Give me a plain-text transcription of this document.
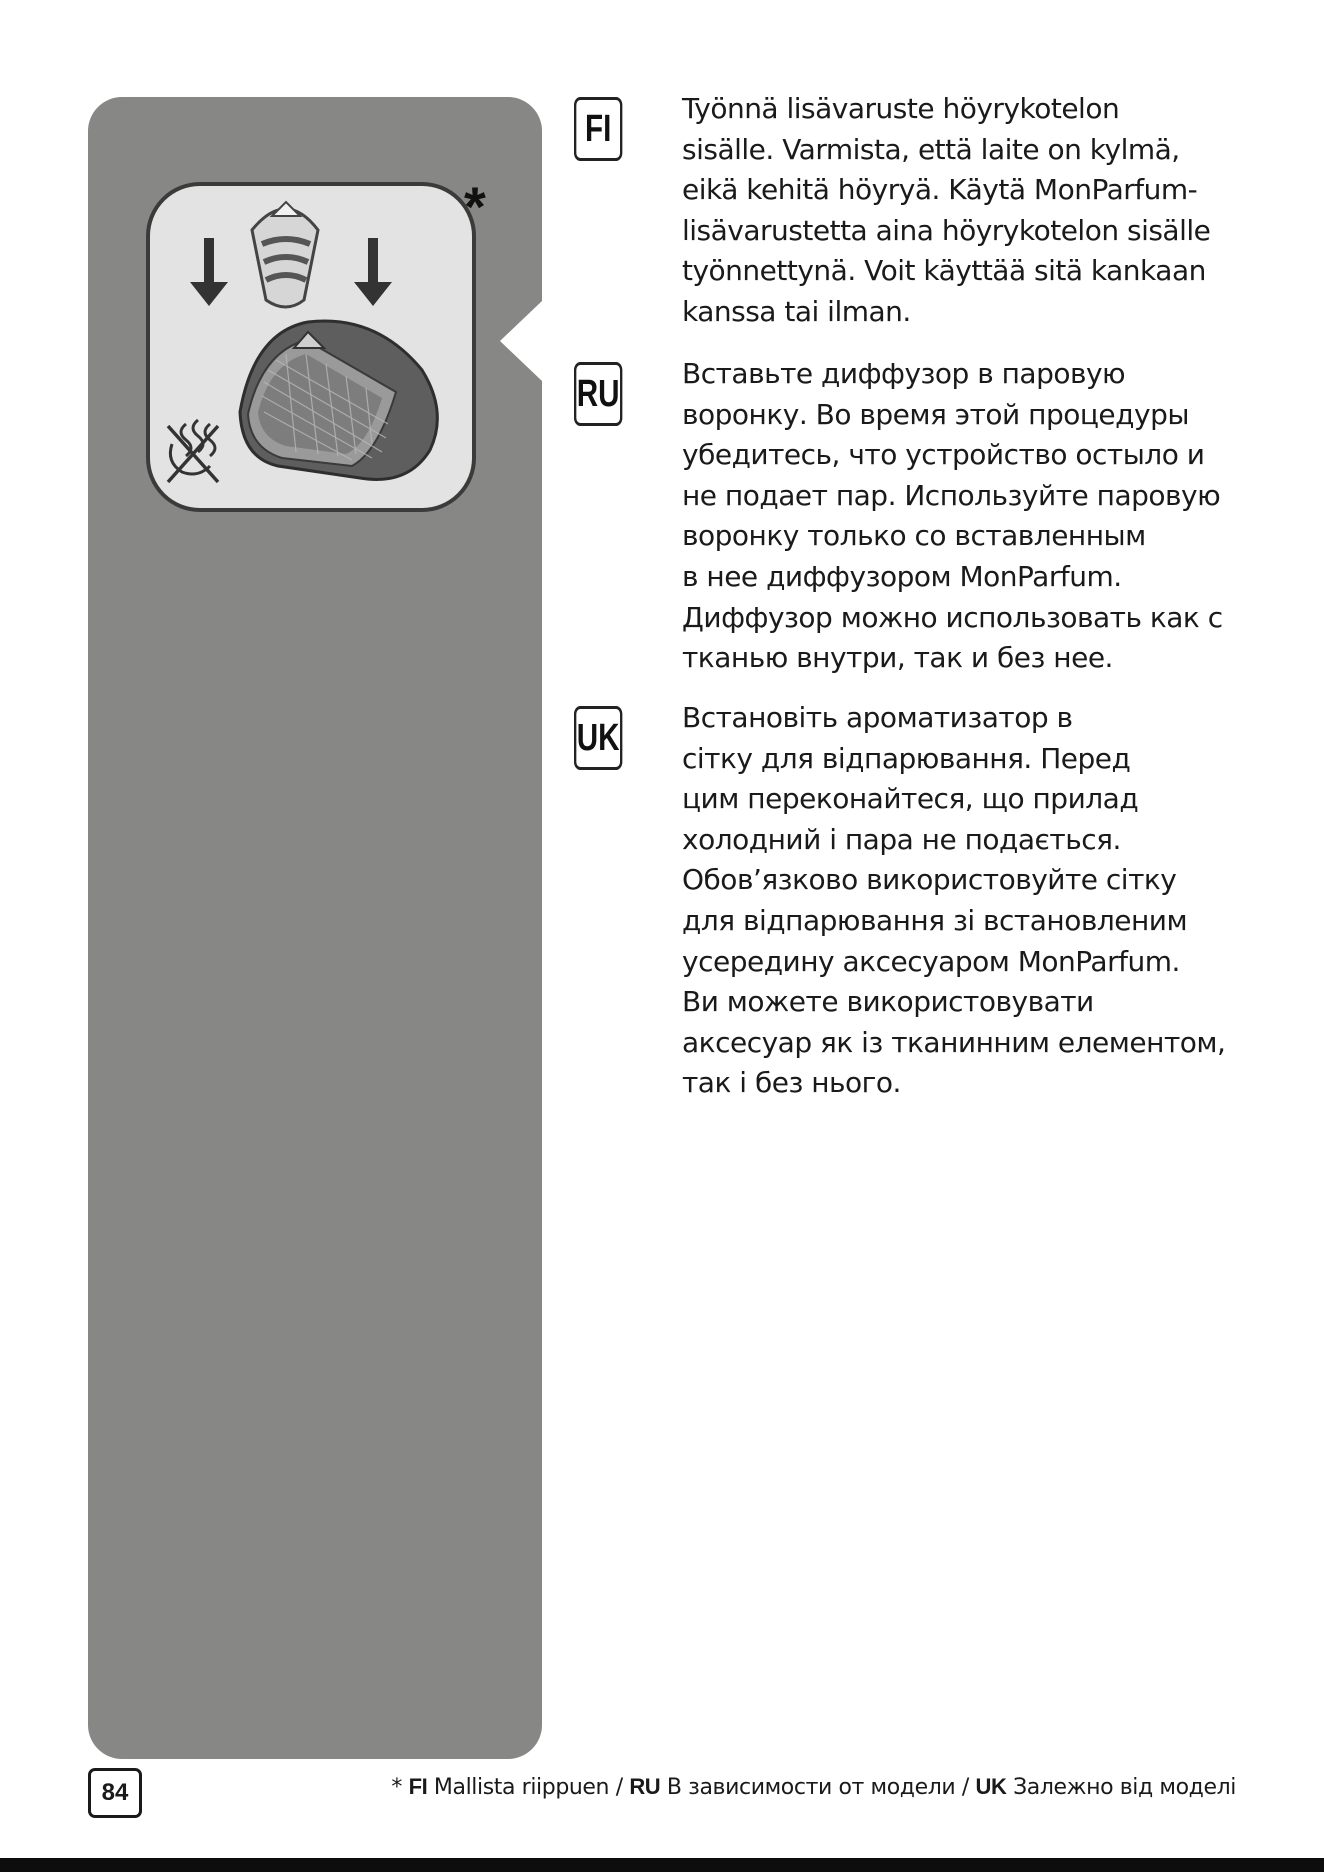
*
FI	Työnnä lisävaruste höyrykotelon
sisälle. Varmista, että laite on kylmä,
eikä kehitä höyryä. Käytä MonParfum-
lisävarustetta aina höyrykotelon sisälle
työnnettynä. Voit käyttää sitä kankaan
kanssa tai ilman.

RU Вставьте диффузор в паровую
воронку. Во время этой процедуры
убедитесь, что устройство остыло и
не подает пар. Используйте паровую
воронку только со вставленным
в нее диффузором MonParfum.
Диффузор можно использовать как с
тканью внутри, так и без нее.

UK Встановіть ароматизатор в
сітку для відпарювання. Перед
цим переконайтеся, що прилад
холодний і пара не подається.
Обов’язково використовуйте сітку
для відпарювання зі встановленим
усередину аксесуаром MonParfum.
Ви можете використовувати
аксесуар як із тканинним елементом,
так і без нього.

84	* FI Mallista riippuen / RU В зависимости от модели / UK Залежно від моделі
